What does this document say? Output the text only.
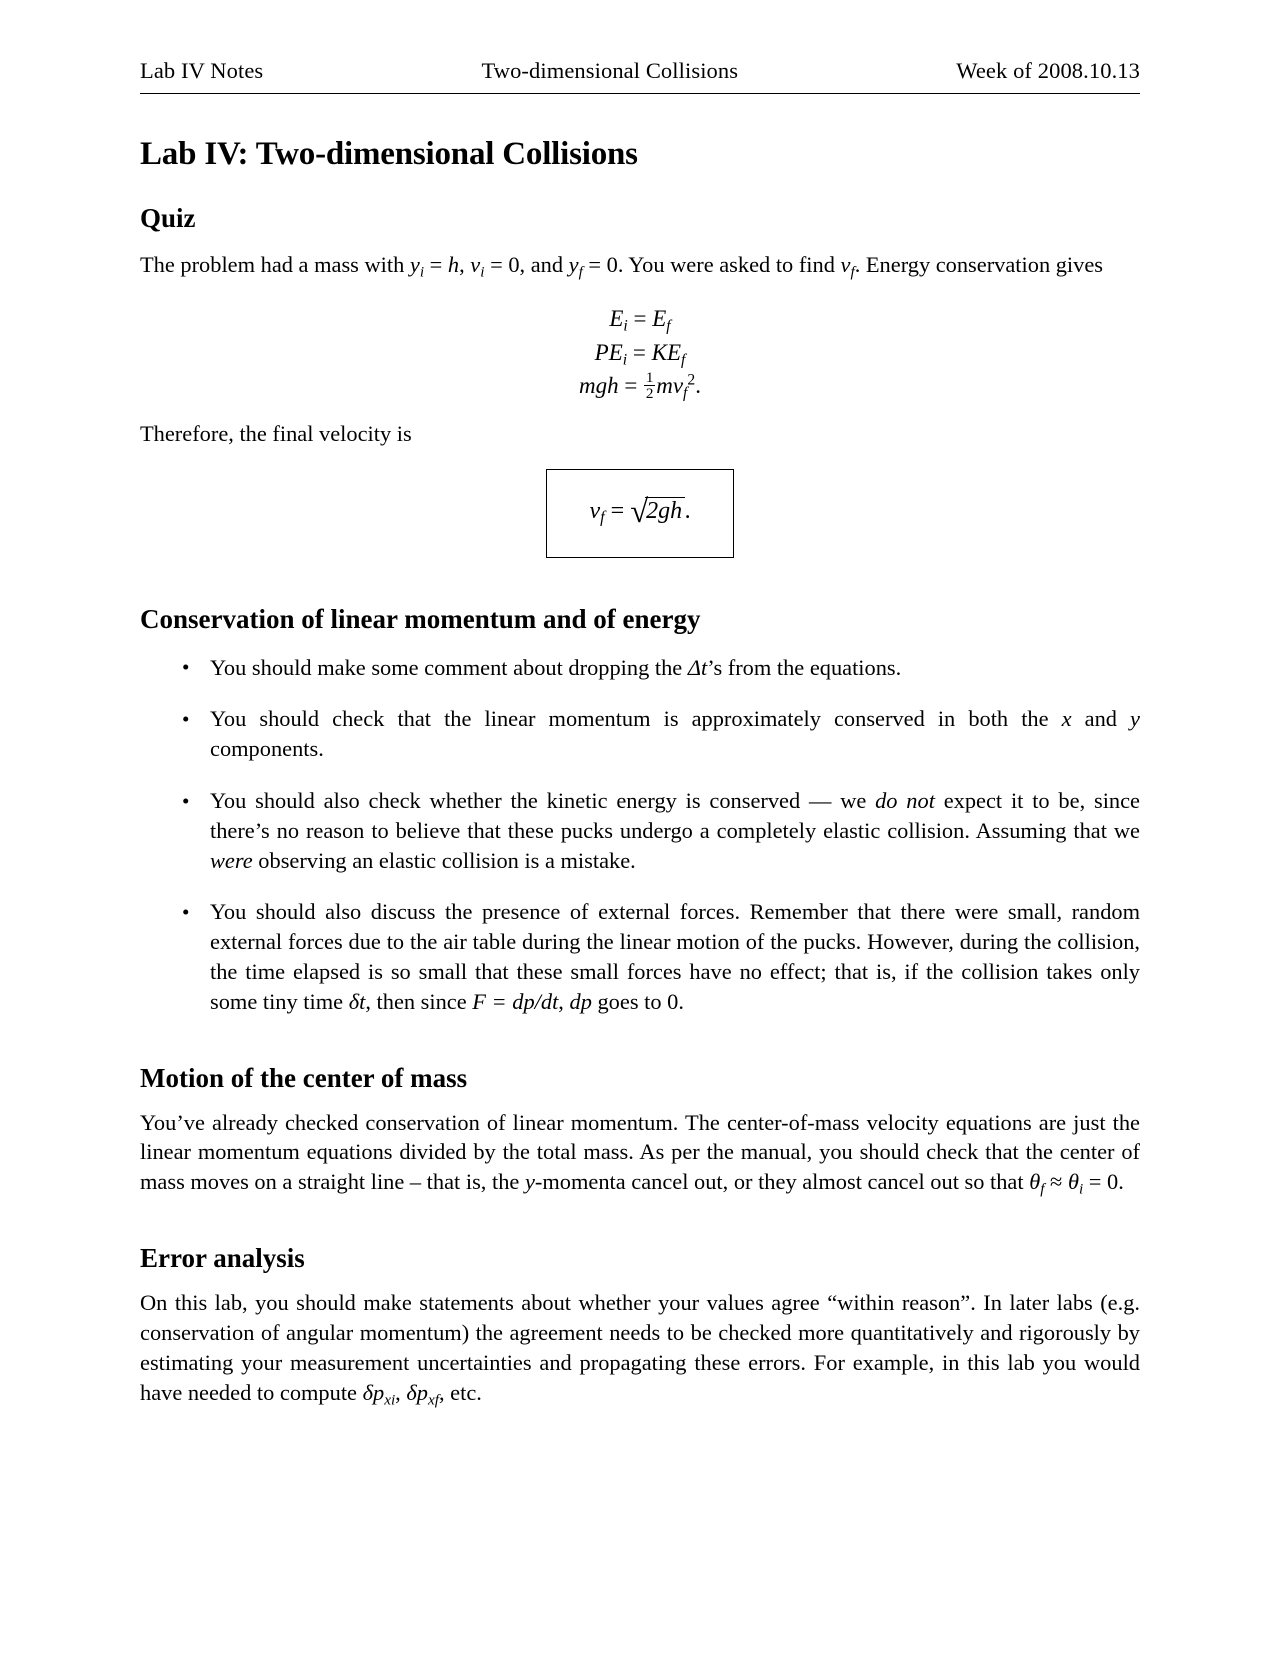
Lab IV Notes	Two-dimensional Collisions	Week of 2008.10.13
Lab IV: Two-dimensional Collisions
Quiz

The problem had a mass with $y_i = h$, $v_i = 0$, and $y_f = 0$. You were asked to find $v_f$. Energy conservation gives

$E_i = E_f$
$PE_i = KE_f$
mgh = $\frac{1}{2} mv_f^2$.

Therefore, the final velocity is

$v_f = √2gh$.
Conservation of linear momentum and of energy
• You should make some comment about dropping the Δt’s from the equations.
• You should check that the linear momentum is approximately conserved in both the x and y components.
• You should also check whether the kinetic energy is conserved — we do not expect it to be, since there’s no reason to believe that these pucks undergo a completely elastic collision. Assuming that we were observing an elastic collision is a mistake.
• You should also discuss the presence of external forces. Remember that there were small, random external forces due to the air table during the linear motion of the pucks. However, during the collision, the time elapsed is so small that these small forces have no effect; that is, if the collision takes only some tiny time δt, then since F = dp/dt, dp goes to 0.
Motion of the center of mass

You’ve already checked conservation of linear momentum. The center-of-mass velocity equations are just the linear momentum equations divided by the total mass. As per the manual, you should check that the center of mass moves on a straight line – that is, the y-momenta cancel out, or they almost cancel out so that $\theta_f \approx \theta_i = 0$.

Error analysis

On this lab, you should make statements about whether your values agree “within reason”. In later labs (e.g. conservation of angular momentum) the agreement needs to be checked more quantitatively and rigorously by estimating your measurement uncertainties and propagating these errors. For example, in this lab you would have needed to compute $\delta p_{xi}$, $\delta p_{xf}$, etc.
